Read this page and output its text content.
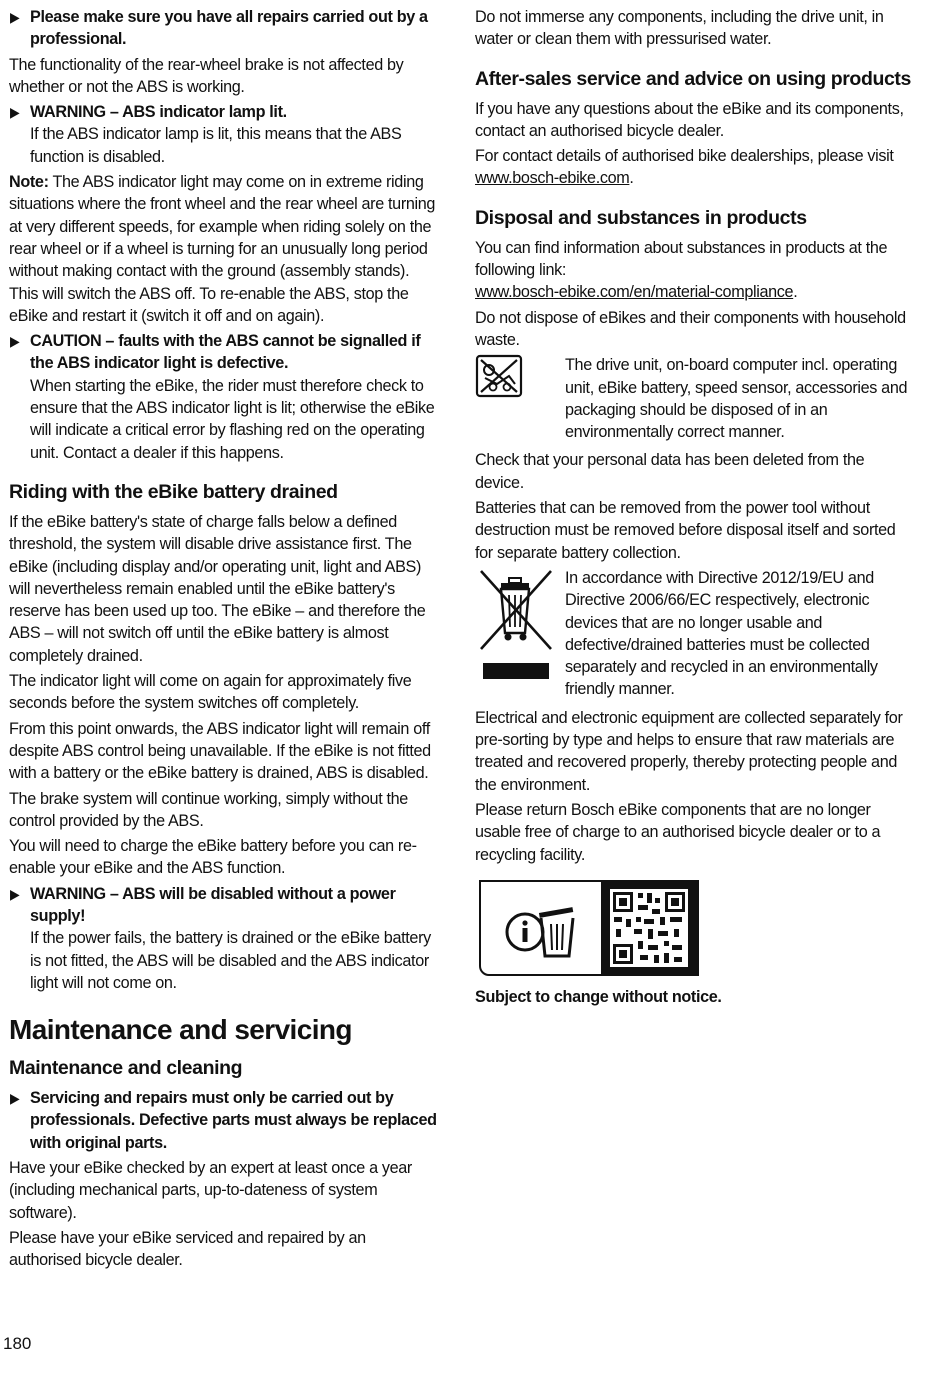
▶ Please make sure you have all repairs carried out by a professional.

The functionality of the rear-wheel brake is not affected by whether or not the ABS is working.

▶ WARNING – ABS indicator lamp lit.
If the ABS indicator lamp is lit, this means that the ABS function is disabled.

Note: The ABS indicator light may come on in extreme riding situations where the front wheel and the rear wheel are turning at very different speeds, for example when riding solely on the rear wheel or if a wheel is turning for an unusually long period without making contact with the ground (assembly stands). This will switch the ABS off. To re-enable the ABS, stop the eBike and restart it (switch it off and on again).

▶ CAUTION – faults with the ABS cannot be signalled if the ABS indicator light is defective.
When starting the eBike, the rider must therefore check to ensure that the ABS indicator light is lit; otherwise the eBike will indicate a critical error by flashing red on the operating unit. Contact a dealer if this happens.
Riding with the eBike battery drained

If the eBike battery's state of charge falls below a defined threshold, the system will disable drive assistance first. The eBike (including display and/or operating unit, light and ABS) will nevertheless remain enabled until the eBike battery's reserve has been used up too. The eBike – and therefore the ABS – will not switch off until the eBike battery is almost completely drained.

The indicator light will come on again for approximately five seconds before the system switches off completely.

From this point onwards, the ABS indicator light will remain off despite ABS control being unavailable. If the eBike is not fitted with a battery or the eBike battery is drained, ABS is disabled.

The brake system will continue working, simply without the control provided by the ABS.

You will need to charge the eBike battery before you can re-enable your eBike and the ABS function.

▶ WARNING – ABS will be disabled without a power supply!
If the power fails, the battery is drained or the eBike battery is not fitted, the ABS will be disabled and the ABS indicator light will not come on.
Maintenance and servicing
Maintenance and cleaning
▶ Servicing and repairs must only be carried out by professionals. Defective parts must always be replaced with original parts.

Have your eBike checked by an expert at least once a year (including mechanical parts, up-to-dateness of system software).

Please have your eBike serviced and repaired by an authorised bicycle dealer.

Do not immerse any components, including the drive unit, in water or clean them with pressurised water.

After-sales service and advice on using products

If you have any questions about the eBike and its components, contact an authorised bicycle dealer.

For contact details of authorised bike dealerships, please visit www.bosch-ebike.com.

Disposal and substances in products

You can find information about substances in products at the following link:
www.bosch-ebike.com/en/material-compliance.

Do not dispose of eBikes and their components with household waste.

The drive unit, on-board computer incl. operating unit, eBike battery, speed sensor, accessories and packaging should be disposed of in an environmentally correct manner.

Check that your personal data has been deleted from the device.

Batteries that can be removed from the power tool without destruction must be removed before disposal itself and sorted for separate battery collection.

In accordance with Directive 2012/19/EU and Directive 2006/66/EC respectively, electronic devices that are no longer usable and defective/drained batteries must be collected separately and recycled in an environmentally friendly manner.

Electrical and electronic equipment are collected separately for pre-sorting by type and helps to ensure that raw materials are treated and recovered properly, thereby protecting people and the environment.

Please return Bosch eBike components that are no longer usable free of charge to an authorised bicycle dealer or to a recycling facility.

Subject to change without notice.

180
